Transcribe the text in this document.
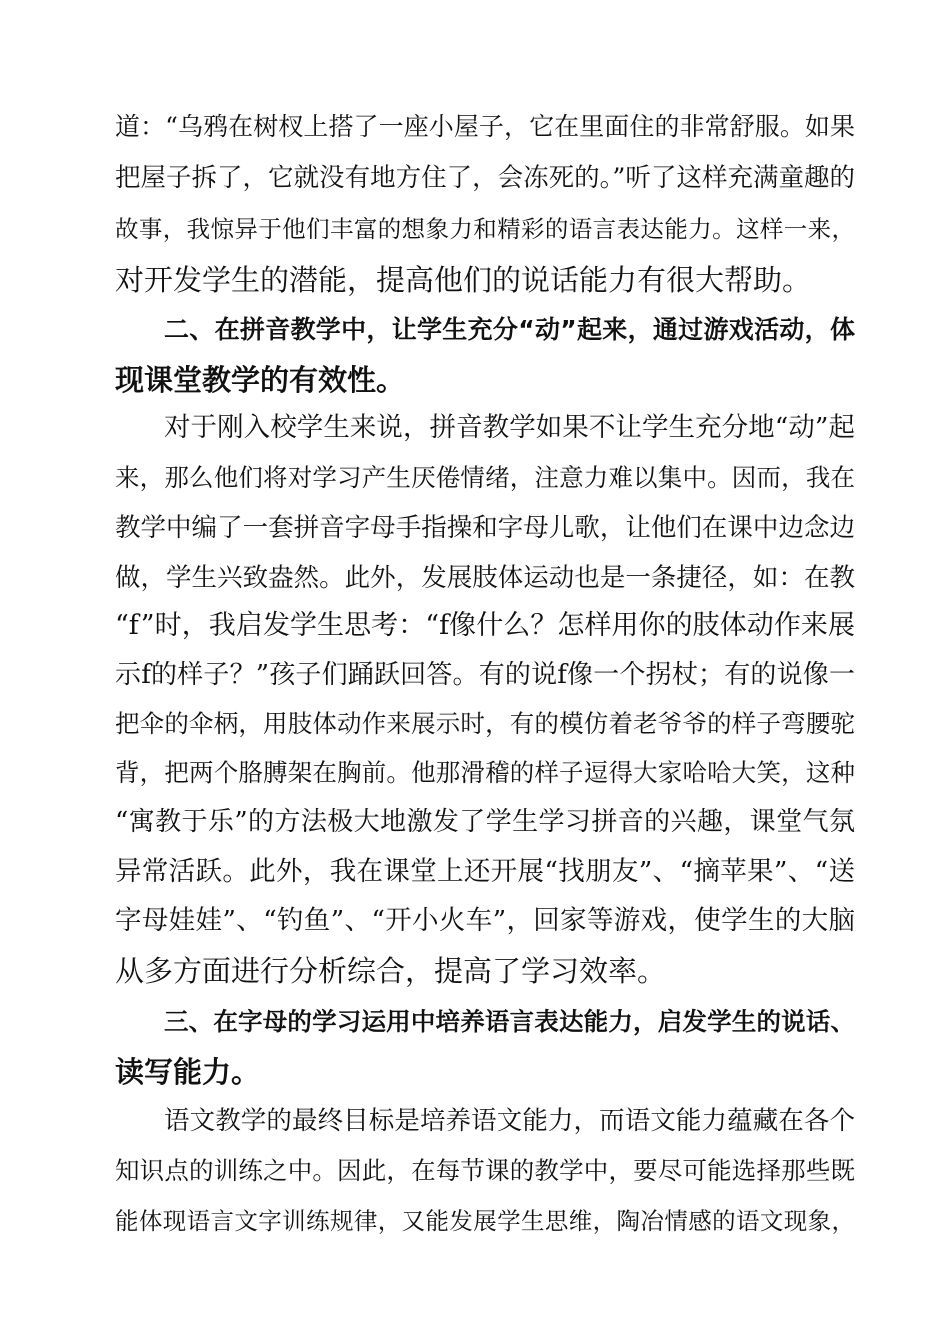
道：“乌鸦在树杈上搭了一座小屋子，它在里面住的非常舒服。如果
把屋子拆了，它就没有地方住了，会冻死的。”听了这样充满童趣的
故事，我惊异于他们丰富的想象力和精彩的语言表达能力。这样一来，
对开发学生的潜能，提高他们的说话能力有很大帮助。
二、在拼音教学中，让学生充分“动”起来，通过游戏活动，体
现课堂教学的有效性。
对于刚入校学生来说，拼音教学如果不让学生充分地“动”起
来，那么他们将对学习产生厌倦情绪，注意力难以集中。因而，我在
教学中编了一套拼音字母手指操和字母儿歌，让他们在课中边念边
做，学生兴致盎然。此外，发展肢体运动也是一条捷径，如：在教
“f”时，我启发学生思考：“f像什么？怎样用你的肢体动作来展
示f的样子？”孩子们踊跃回答。有的说f像一个拐杖；有的说像一
把伞的伞柄，用肢体动作来展示时，有的模仿着老爷爷的样子弯腰驼
背，把两个胳膊架在胸前。他那滑稽的样子逗得大家哈哈大笑，这种
“寓教于乐”的方法极大地激发了学生学习拼音的兴趣，课堂气氛
异常活跃。此外，我在课堂上还开展“找朋友”、“摘苹果”、“送
字母娃娃”、“钓鱼”、“开小火车”，回家等游戏，使学生的大脑
从多方面进行分析综合，提高了学习效率。
三、在字母的学习运用中培养语言表达能力，启发学生的说话、
读写能力。
语文教学的最终目标是培养语文能力，而语文能力蕴藏在各个
知识点的训练之中。因此，在每节课的教学中，要尽可能选择那些既
能体现语言文字训练规律，又能发展学生思维，陶冶情感的语文现象，
